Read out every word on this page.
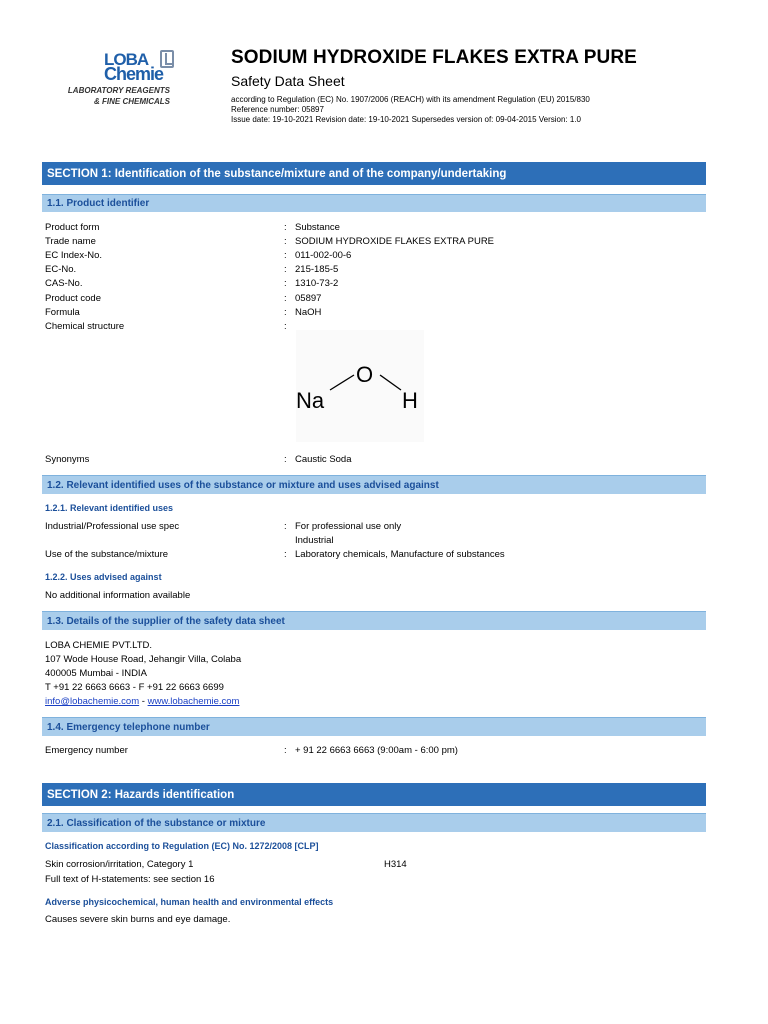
LOBA
Chemie
LABORATORY REAGENTS
& FINE CHEMICALS
SODIUM HYDROXIDE FLAKES EXTRA PURE
Safety Data Sheet
according to Regulation (EC) No. 1907/2006 (REACH) with its amendment Regulation (EU) 2015/830
Reference number: 05897
Issue date: 19-10-2021 Revision date: 19-10-2021 Supersedes version of: 09-04-2015 Version: 1.0
SECTION 1: Identification of the substance/mixture and of the company/undertaking
1.1. Product identifier
Product form	: Substance
Trade name	: SODIUM HYDROXIDE FLAKES EXTRA PURE
EC Index-No.	: 011-002-00-6
EC-No.	: 215-185-5
CAS-No.	: 1310-73-2
Product code	: 05897
Formula	: NaOH
Chemical structure	:
Na
O
H
Synonyms	: Caustic Soda
1.2. Relevant identified uses of the substance or mixture and uses advised against
1.2.1. Relevant identified uses
Industrial/Professional use spec	: For professional use only
Industrial
Use of the substance/mixture	: Laboratory chemicals, Manufacture of substances
1.2.2. Uses advised against
No additional information available
1.3. Details of the supplier of the safety data sheet
LOBA CHEMIE PVT.LTD.
107 Wode House Road, Jehangir Villa, Colaba
400005 Mumbai - INDIA
T +91 22 6663 6663 - F +91 22 6663 6699
info@lobachemie.com - www.lobachemie.com
1.4. Emergency telephone number
Emergency number	: + 91 22 6663 6663 (9:00am - 6:00 pm)
SECTION 2: Hazards identification
2.1. Classification of the substance or mixture
Classification according to Regulation (EC) No. 1272/2008 [CLP]
Skin corrosion/irritation, Category 1	H314
Full text of H-statements: see section 16
Adverse physicochemical, human health and environmental effects
Causes severe skin burns and eye damage.
